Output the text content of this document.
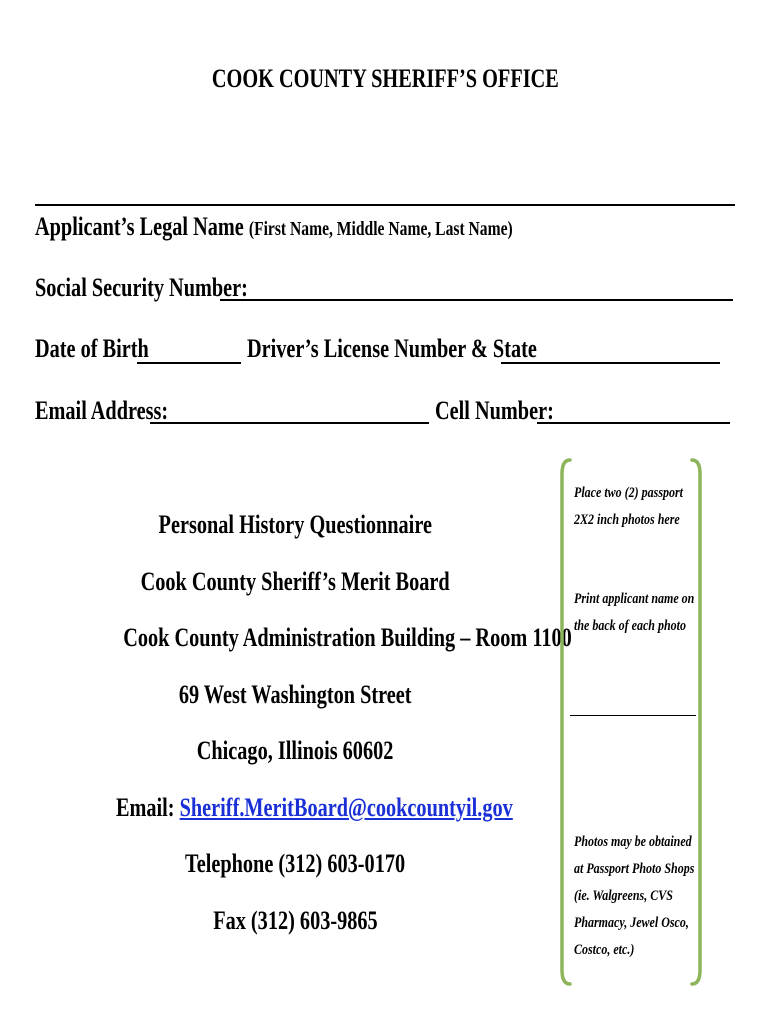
COOK COUNTY SHERIFF’S OFFICE
Applicant’s Legal Name (First Name, Middle Name, Last Name)
Social Security Number:
Date of Birth	Driver’s License Number & State
Email Address:	Cell Number:
Personal History Questionnaire
Cook County Sheriff’s Merit Board
Cook County Administration Building – Room 1100
69 West Washington Street
Chicago, Illinois 60602
Email: Sheriff.MeritBoard@cookcountyil.gov
Telephone (312) 603-0170
Fax (312) 603-9865
Place two (2) passport
2X2 inch photos here
Print applicant name on
the back of each photo
Photos may be obtained
at Passport Photo Shops
(ie. Walgreens, CVS
Pharmacy, Jewel Osco,
Costco, etc.)
